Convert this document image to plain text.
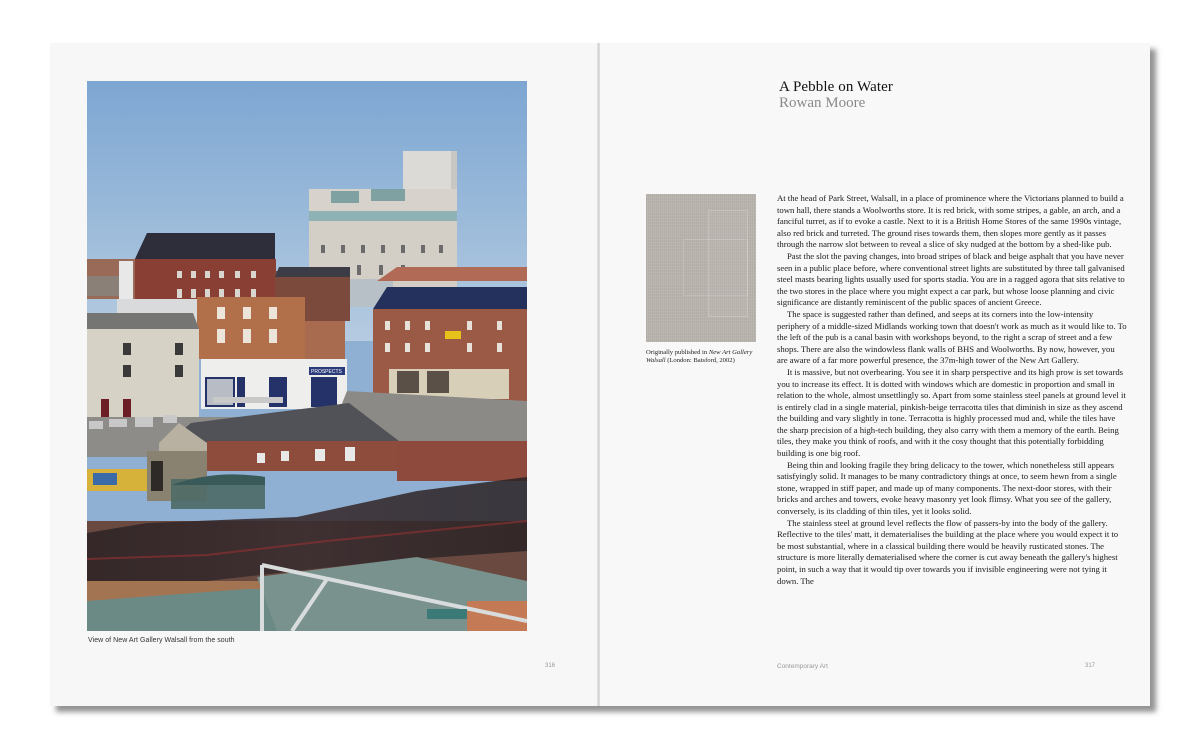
PROSPECTS
View of New Art Gallery Walsall from the south
316
A Pebble on Water
Rowan Moore
Originally published in New Art Gallery Walsall (London: Batsford, 2002)

At the head of Park Street, Walsall, in a place of prominence where the Victorians planned to build a town hall, there stands a Woolworths store. It is red brick, with some stripes, a gable, an arch, and a fanciful turret, as if to evoke a castle. Next to it is a British Home Stores of the same 1990s vintage, also red brick and turreted. The ground rises towards them, then slopes more gently as it passes through the narrow slot between to reveal a slice of sky nudged at the bottom by a shed-like pub.

Past the slot the paving changes, into broad stripes of black and beige asphalt that you have never seen in a public place before, where conventional street lights are substituted by three tall galvanised steel masts bearing lights usually used for sports stadia. You are in a ragged agora that sits relative to the two stores in the place where you might expect a car park, but whose loose planning and civic significance are distantly reminiscent of the public spaces of ancient Greece.

The space is suggested rather than defined, and seeps at its corners into the low-intensity periphery of a middle-sized Midlands working town that doesn't work as much as it would like to. To the left of the pub is a canal basin with workshops beyond, to the right a scrap of street and a few shops. There are also the windowless flank walls of BHS and Woolworths. By now, however, you are aware of a far more powerful presence, the 37m-high tower of the New Art Gallery.

It is massive, but not overbearing. You see it in sharp perspective and its high prow is set towards you to increase its effect. It is dotted with windows which are domestic in proportion and small in relation to the whole, almost unsettlingly so. Apart from some stainless steel panels at ground level it is entirely clad in a single material, pinkish-beige terracotta tiles that diminish in size as they ascend the building and vary slightly in tone. Terracotta is highly processed mud and, while the tiles have the sharp precision of a high-tech building, they also carry with them a memory of the earth. Being tiles, they make you think of roofs, and with it the cosy thought that this potentially forbidding building is one big roof.

Being thin and looking fragile they bring delicacy to the tower, which nonetheless still appears satisfyingly solid. It manages to be many contradictory things at once, to seem hewn from a single stone, wrapped in stiff paper, and made up of many components. The next-door stores, with their bricks and arches and towers, evoke heavy masonry yet look flimsy. What you see of the gallery, conversely, is its cladding of thin tiles, yet it looks solid.

The stainless steel at ground level reflects the flow of passers-by into the body of the gallery. Reflective to the tiles' matt, it dematerialises the building at the place where you would expect it to be most substantial, where in a classical building there would be heavily rusticated stones. The structure is more literally dematerialised where the corner is cut away beneath the gallery's highest point, in such a way that it would tip over towards you if invisible engineering were not tying it down. The

Contemporary Art	317
